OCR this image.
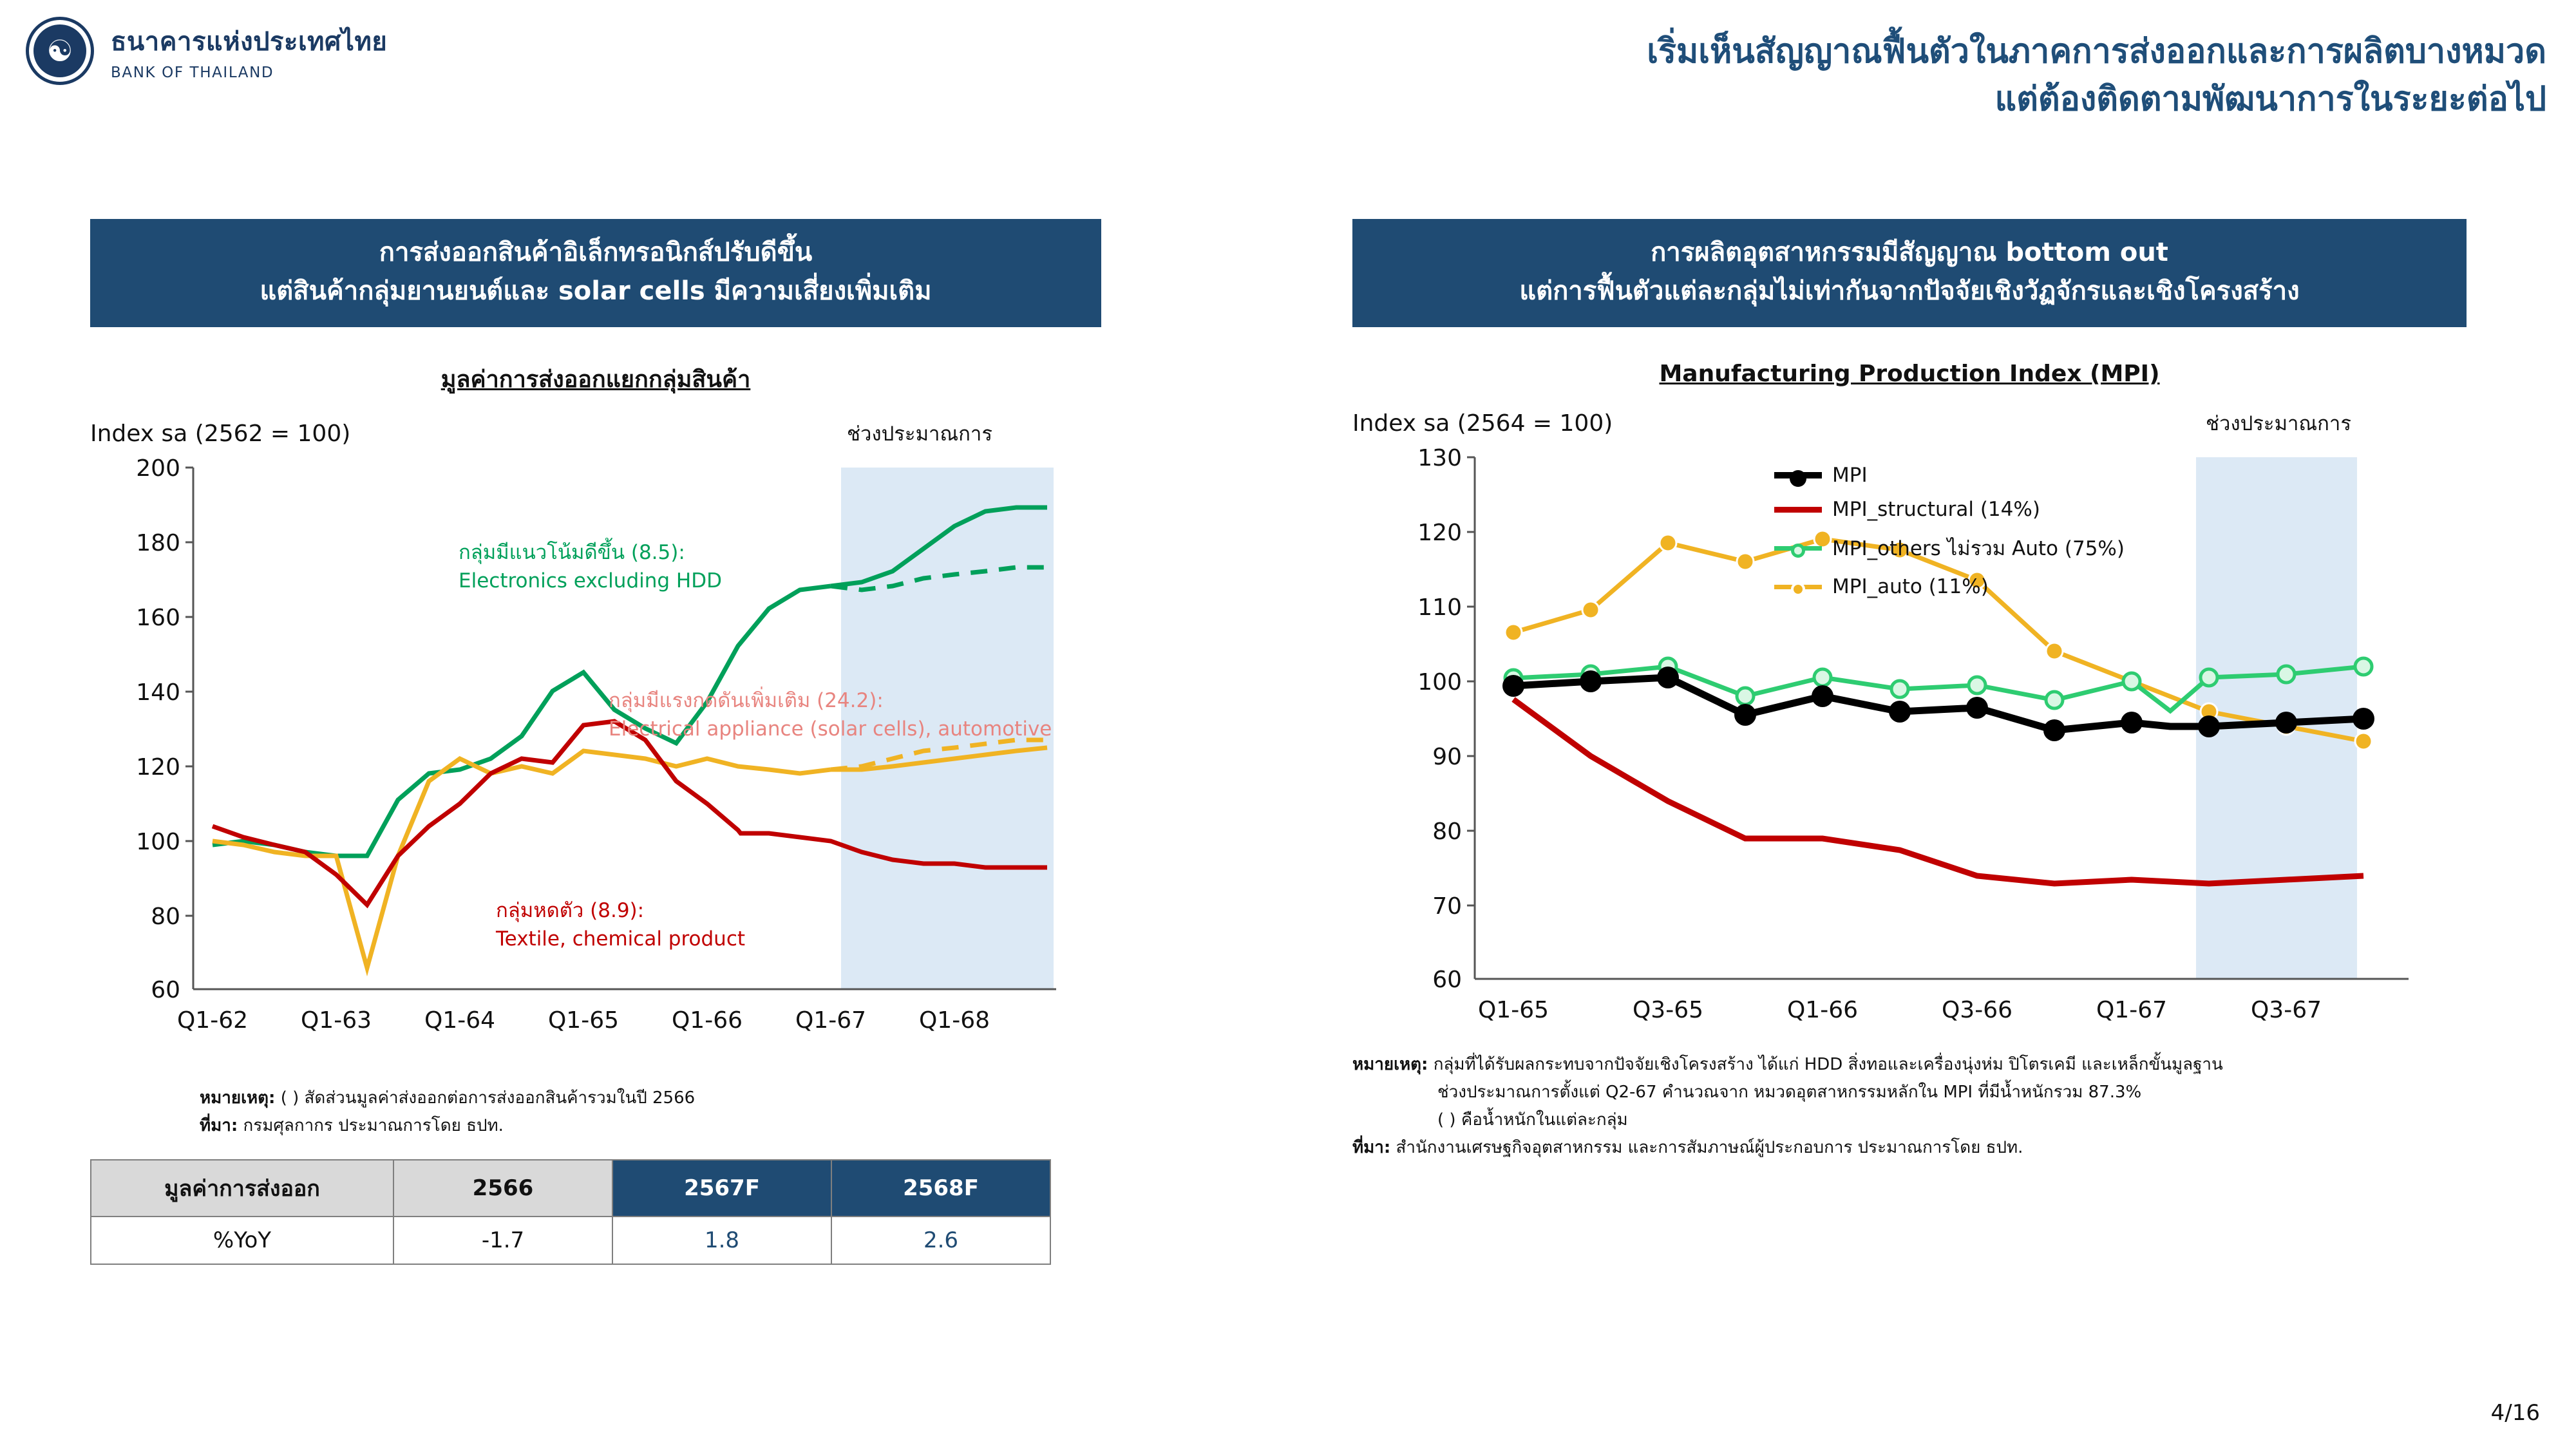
☯	ธนาคารแห่งประเทศไทย
BANK OF THAILAND
เริ่มเห็นสัญญาณฟื้นตัวในภาคการส่งออกและการผลิตบางหมวด
แต่ต้องติดตามพัฒนาการในระยะต่อไป
การส่งออกสินค้าอิเล็กทรอนิกส์ปรับดีขึ้น
แต่สินค้ากลุ่มยานยนต์และ solar cells มีความเสี่ยงเพิ่มเติม
มูลค่าการส่งออกแยกกลุ่มสินค้า
Index sa (2562 = 100)
200
180
160
140
120
100
80
60
Q1-62 Q1-63 Q1-64 Q1-65 Q1-66 Q1-67 Q1-68
กลุ่มมีแนวโน้มดีขึ้น (8.5):
Electronics excluding HDD
กลุ่มมีแรงกดดันเพิ่มเติม (24.2):
Electrical appliance (solar cells), automotive
กลุ่มหดตัว (8.9):
Textile, chemical product
ช่วงประมาณการ
หมายเหตุ: ( ) สัดส่วนมูลค่าส่งออกต่อการส่งออกสินค้ารวมในปี 2566
ที่มา: กรมศุลกากร ประมาณการโดย ธปท.
มูลค่าการส่งออก	2566	2567F	2568F
%YoY	-1.7	1.8	2.6
การผลิตอุตสาหกรรมมีสัญญาณ bottom out
แต่การฟื้นตัวแต่ละกลุ่มไม่เท่ากันจากปัจจัยเชิงวัฏจักรและเชิงโครงสร้าง
Manufacturing Production Index (MPI)
Index sa (2564 = 100)
130
120
110
100
90
80
70
60
Q1-65	Q3-65	Q1-66	Q3-66	Q1-67	Q3-67
ช่วงประมาณการ
MPI
MPI_structural (14%)
MPI_others ไม่รวม Auto (75%)
MPI_auto (11%)
หมายเหตุ: กลุ่มที่ได้รับผลกระทบจากปัจจัยเชิงโครงสร้าง ได้แก่ HDD สิ่งทอและเครื่องนุ่งห่ม ปิโตรเคมี และเหล็กขั้นมูลฐาน
ช่วงประมาณการตั้งแต่ Q2-67 คำนวณจาก หมวดอุตสาหกรรมหลักใน MPI ที่มีน้ำหนักรวม 87.3%
( ) คือน้ำหนักในแต่ละกลุ่ม
ที่มา: สำนักงานเศรษฐกิจอุตสาหกรรม และการสัมภาษณ์ผู้ประกอบการ ประมาณการโดย ธปท.
4/16
